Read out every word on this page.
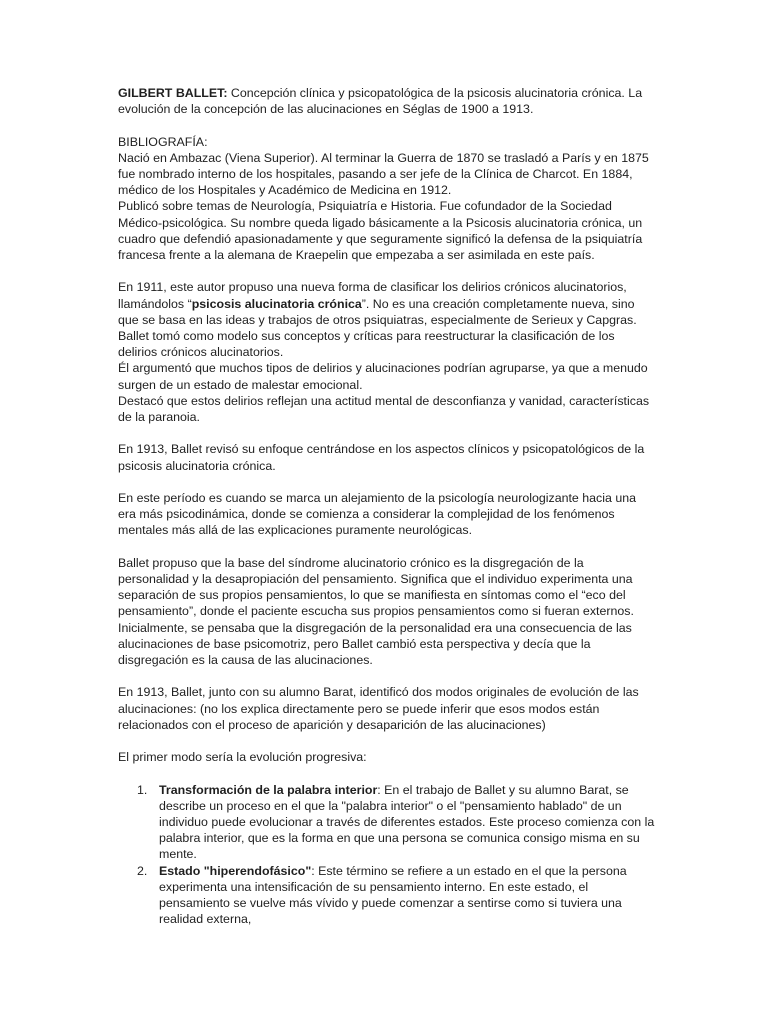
GILBERT BALLET: Concepción clínica y psicopatológica de la psicosis alucinatoria crónica. La evolución de la concepción de las alucinaciones en Séglas de 1900 a 1913.

BIBLIOGRAFÍA:
Nació en Ambazac (Viena Superior). Al terminar la Guerra de 1870 se trasladó a París y en 1875 fue nombrado interno de los hospitales, pasando a ser jefe de la Clínica de Charcot. En 1884, médico de los Hospitales y Académico de Medicina en 1912.
Publicó sobre temas de Neurología, Psiquiatría e Historia. Fue cofundador de la Sociedad Médico-psicológica. Su nombre queda ligado básicamente a la Psicosis alucinatoria crónica, un cuadro que defendió apasionadamente y que seguramente significó la defensa de la psiquiatría francesa frente a la alemana de Kraepelin que empezaba a ser asimilada en este país.

En 1911, este autor propuso una nueva forma de clasificar los delirios crónicos alucinatorios, llamándolos “psicosis alucinatoria crónica”. No es una creación completamente nueva, sino que se basa en las ideas y trabajos de otros psiquiatras, especialmente de Serieux y Capgras. Ballet tomó como modelo sus conceptos y críticas para reestructurar la clasificación de los delirios crónicos alucinatorios.
Él argumentó que muchos tipos de delirios y alucinaciones podrían agruparse, ya que a menudo surgen de un estado de malestar emocional.
Destacó que estos delirios reflejan una actitud mental de desconfianza y vanidad, características de la paranoia.

En 1913, Ballet revisó su enfoque centrándose en los aspectos clínicos y psicopatológicos de la psicosis alucinatoria crónica.

En este período es cuando se marca un alejamiento de la psicología neurologizante hacia una era más psicodinámica, donde se comienza a considerar la complejidad de los fenómenos mentales más allá de las explicaciones puramente neurológicas.

Ballet propuso que la base del síndrome alucinatorio crónico es la disgregación de la personalidad y la desapropiación del pensamiento. Significa que el individuo experimenta una separación de sus propios pensamientos, lo que se manifiesta en síntomas como el “eco del pensamiento”, donde el paciente escucha sus propios pensamientos como si fueran externos.
Inicialmente, se pensaba que la disgregación de la personalidad era una consecuencia de las alucinaciones de base psicomotriz, pero Ballet cambió esta perspectiva y decía que la disgregación es la causa de las alucinaciones.

En 1913, Ballet, junto con su alumno Barat, identificó dos modos originales de evolución de las alucinaciones: (no los explica directamente pero se puede inferir que esos modos están relacionados con el proceso de aparición y desaparición de las alucinaciones)

El primer modo sería la evolución progresiva:

1. Transformación de la palabra interior: En el trabajo de Ballet y su alumno Barat, se describe un proceso en el que la "palabra interior" o el "pensamiento hablado" de un individuo puede evolucionar a través de diferentes estados. Este proceso comienza con la palabra interior, que es la forma en que una persona se comunica consigo misma en su mente.
2. Estado "hiperendofásico": Este término se refiere a un estado en el que la persona experimenta una intensificación de su pensamiento interno. En este estado, el pensamiento se vuelve más vívido y puede comenzar a sentirse como si tuviera una realidad externa,
